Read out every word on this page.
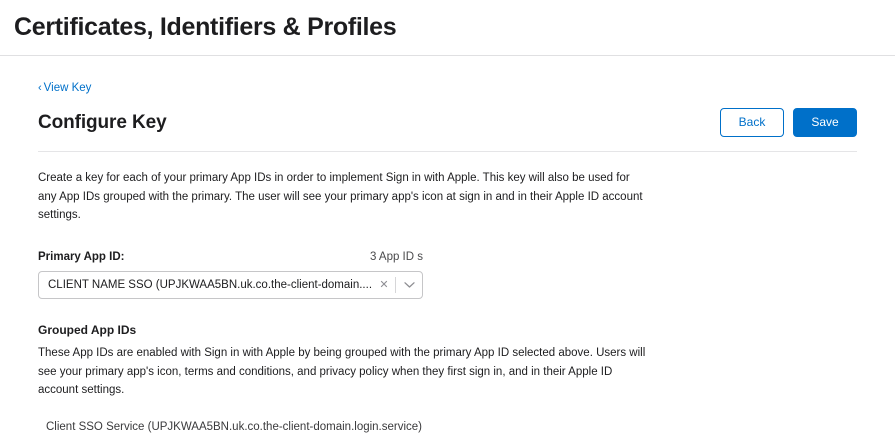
Certificates, Identifiers & Profiles
‹ View Key
Configure Key	Back	Save

Create a key for each of your primary App IDs in order to implement Sign in with Apple. This key will also be used for any App IDs grouped with the primary. The user will see your primary app's icon at sign in and in their Apple ID account settings.

Primary App ID:	3 App ID s
CLIENT NAME SSO (UPJKWAA5BN.uk.co.the-client-domain.... ✕
Grouped App IDs

These App IDs are enabled with Sign in with Apple by being grouped with the primary App ID selected above. Users will see your primary app's icon, terms and conditions, and privacy policy when they first sign in, and in their Apple ID account settings.

Client SSO Service (UPJKWAA5BN.uk.co.the-client-domain.login.service)
